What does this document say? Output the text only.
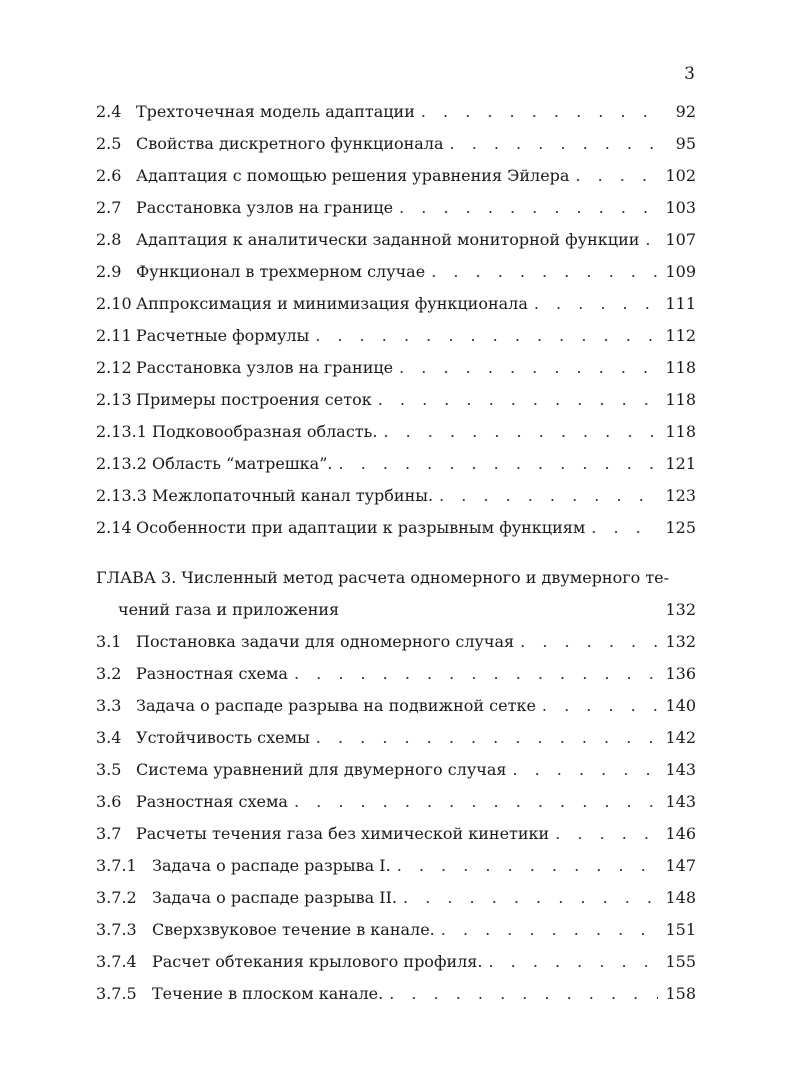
3
2.4 Трехточечная модель адаптации . . .	92
2.5 Свойства дискретного функционала . . .	95
2.6 Адаптация с помощью решения уравнения Эйлера . . .	102
2.7 Расстановка узлов на границе . . .	103
2.8 Адаптация к аналитически заданной мониторной функции . . .	107
2.9 Функционал в трехмерном случае . . .	109
2.10 Аппроксимация и минимизация функционала . . .	111
2.11 Расчетные формулы . . .	112
2.12 Расстановка узлов на границе . . .	118
2.13 Примеры построения сеток . . .	118
2.13.1 Подковообразная область. . . .	118
2.13.2 Область “матрешка”. . . .	121
2.13.3 Межлопаточный канал турбины. . . .	123
2.14 Особенности при адаптации к разрывным функциям . . .	125
ГЛАВА 3. Численный метод расчета одномерного и двумерного те-
чений газа и приложения	132
3.1 Постановка задачи для одномерного случая . . .	132
3.2 Разностная схема . . .	136
3.3 Задача о распаде разрыва на подвижной сетке . . .	140
3.4 Устойчивость схемы . . .	142
3.5 Система уравнений для двумерного случая . . .	143
3.6 Разностная схема . . .	143
3.7 Расчеты течения газа без химической кинетики . . .	146
3.7.1 Задача о распаде разрыва I. . . .	147
3.7.2 Задача о распаде разрыва II. . . .	148
3.7.3 Сверхзвуковое течение в канале. . . .	151
3.7.4 Расчет обтекания крылового профиля. . . .	155
3.7.5 Течение в плоском канале. . . .	158
